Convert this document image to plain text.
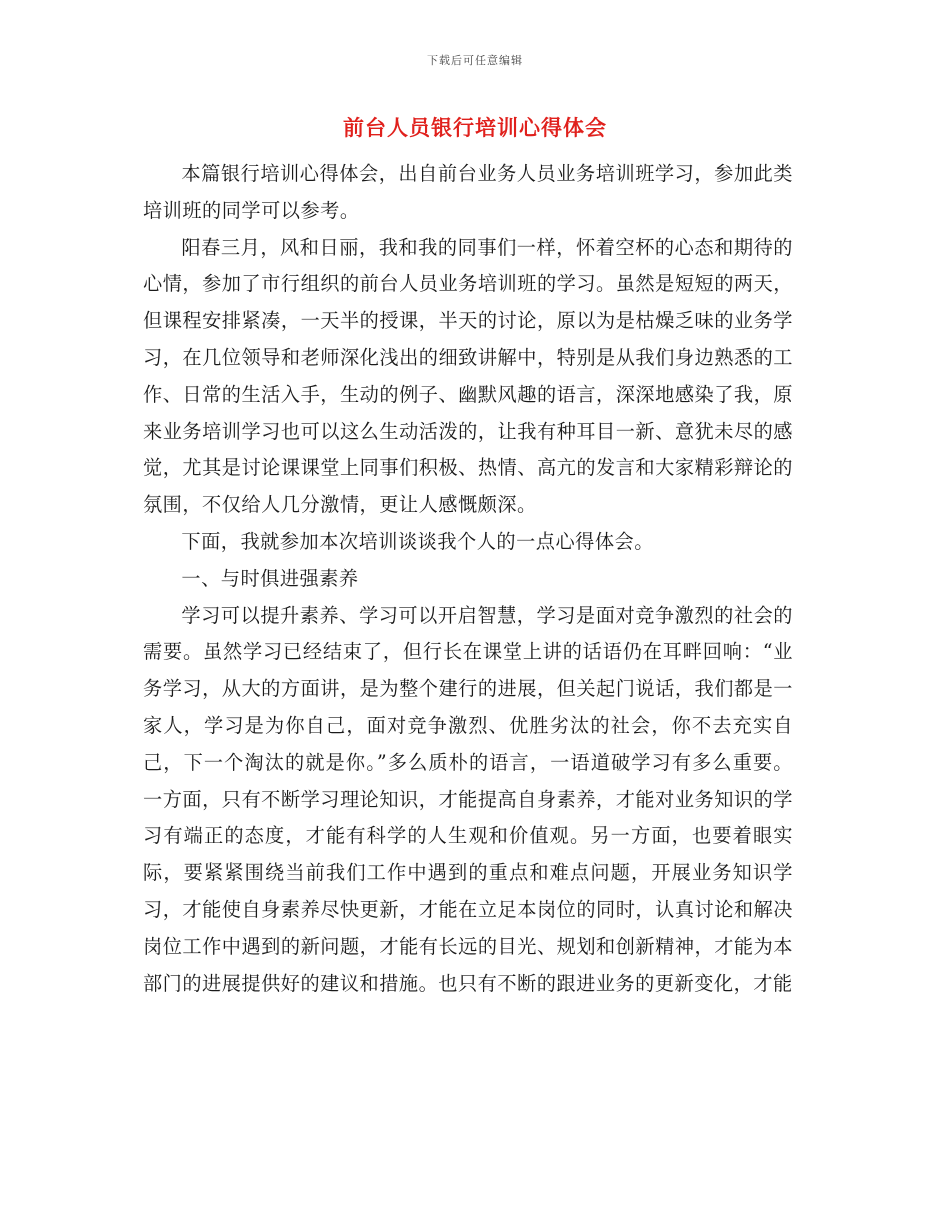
下载后可任意编辑
前台人员银行培训心得体会

本篇银行培训心得体会，出自前台业务人员业务培训班学习，参加此类培训班的同学可以参考。

阳春三月，风和日丽，我和我的同事们一样，怀着空杯的心态和期待的心情，参加了市行组织的前台人员业务培训班的学习。虽然是短短的两天，但课程安排紧凑，一天半的授课，半天的讨论，原以为是枯燥乏味的业务学习，在几位领导和老师深化浅出的细致讲解中，特别是从我们身边熟悉的工作、日常的生活入手，生动的例子、幽默风趣的语言，深深地感染了我，原来业务培训学习也可以这么生动活泼的，让我有种耳目一新、意犹未尽的感觉，尤其是讨论课课堂上同事们积极、热情、高亢的发言和大家精彩辩论的氛围，不仅给人几分激情，更让人感慨颇深。

下面，我就参加本次培训谈谈我个人的一点心得体会。

一、与时俱进强素养

学习可以提升素养、学习可以开启智慧，学习是面对竞争激烈的社会的需要。虽然学习已经结束了，但行长在课堂上讲的话语仍在耳畔回响：“业务学习，从大的方面讲，是为整个建行的进展，但关起门说话，我们都是一家人，学习是为你自己，面对竞争激烈、优胜劣汰的社会，你不去充实自己，下一个淘汰的就是你。”多么质朴的语言，一语道破学习有多么重要。一方面，只有不断学习理论知识，才能提高自身素养，才能对业务知识的学习有端正的态度，才能有科学的人生观和价值观。另一方面，也要着眼实际，要紧紧围绕当前我们工作中遇到的重点和难点问题，开展业务知识学习，才能使自身素养尽快更新，才能在立足本岗位的同时，认真讨论和解决岗位工作中遇到的新问题，才能有长远的目光、规划和创新精神，才能为本部门的进展提供好的建议和措施。也只有不断的跟进业务的更新变化，才能
